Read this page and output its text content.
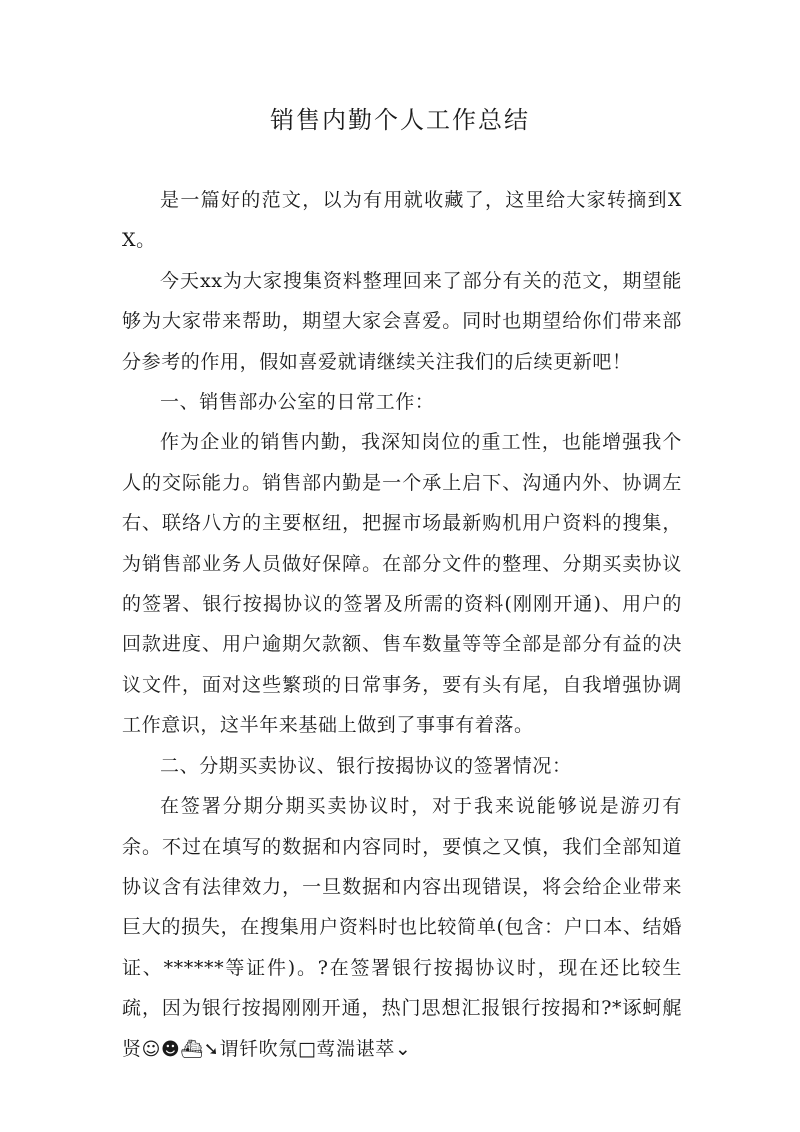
销售内勤个人工作总结

是一篇好的范文，以为有用就收藏了，这里给大家转摘到XX。

今天xx为大家搜集资料整理回来了部分有关的范文，期望能够为大家带来帮助，期望大家会喜爱。同时也期望给你们带来部分参考的作用，假如喜爱就请继续关注我们的后续更新吧！

一、销售部办公室的日常工作：

作为企业的销售内勤，我深知岗位的重工性，也能增强我个人的交际能力。销售部内勤是一个承上启下、沟通内外、协调左右、联络八方的主要枢纽，把握市场最新购机用户资料的搜集，为销售部业务人员做好保障。在部分文件的整理、分期买卖协议的签署、银行按揭协议的签署及所需的资料(刚刚开通)、用户的回款进度、用户逾期欠款额、售车数量等等全部是部分有益的决议文件，面对这些繁琐的日常事务，要有头有尾，自我增强协调工作意识，这半年来基础上做到了事事有着落。

二、分期买卖协议、银行按揭协议的签署情况：

在签署分期分期买卖协议时，对于我来说能够说是游刃有余。不过在填写的数据和内容同时，要慎之又慎，我们全部知道协议含有法律效力，一旦数据和内容出现错误，将会给企业带来巨大的损失，在搜集用户资料时也比较简单(包含：户口本、结婚证、******等证件)。?在签署银行按揭协议时，现在还比较生疏，因为银行按揭刚刚开通，热门思想汇报银行按揭和?*诼蚵艉贤☺☻⛴➘谓钎吹氖□莺湍谌萃⌄
